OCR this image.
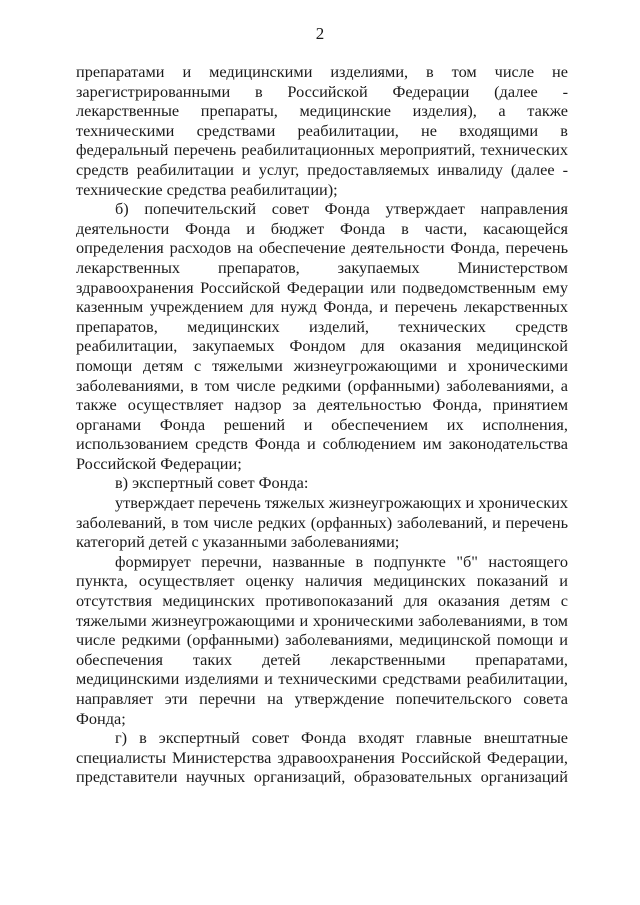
2

препаратами и медицинскими изделиями, в том числе не зарегистрированными в Российской Федерации (далее - лекарственные препараты, медицинские изделия), а также техническими средствами реабилитации, не входящими в федеральный перечень реабилитационных мероприятий, технических средств реабилитации и услуг, предоставляемых инвалиду (далее - технические средства реабилитации);

б) попечительский совет Фонда утверждает направления деятельности Фонда и бюджет Фонда в части, касающейся определения расходов на обеспечение деятельности Фонда, перечень лекарственных препаратов, закупаемых Министерством здравоохранения Российской Федерации или подведомственным ему казенным учреждением для нужд Фонда, и перечень лекарственных препаратов, медицинских изделий, технических средств реабилитации, закупаемых Фондом для оказания медицинской помощи детям с тяжелыми жизнеугрожающими и хроническими заболеваниями, в том числе редкими (орфанными) заболеваниями, а также осуществляет надзор за деятельностью Фонда, принятием органами Фонда решений и обеспечением их исполнения, использованием средств Фонда и соблюдением им законодательства Российской Федерации;

в) экспертный совет Фонда:

утверждает перечень тяжелых жизнеугрожающих и хронических заболеваний, в том числе редких (орфанных) заболеваний, и перечень категорий детей с указанными заболеваниями;

формирует перечни, названные в подпункте "б" настоящего пункта, осуществляет оценку наличия медицинских показаний и отсутствия медицинских противопоказаний для оказания детям с тяжелыми жизнеугрожающими и хроническими заболеваниями, в том числе редкими (орфанными) заболеваниями, медицинской помощи и обеспечения таких детей лекарственными препаратами, медицинскими изделиями и техническими средствами реабилитации, направляет эти перечни на утверждение попечительского совета Фонда;

г) в экспертный совет Фонда входят главные внештатные специалисты Министерства здравоохранения Российской Федерации, представители научных организаций, образовательных организаций
